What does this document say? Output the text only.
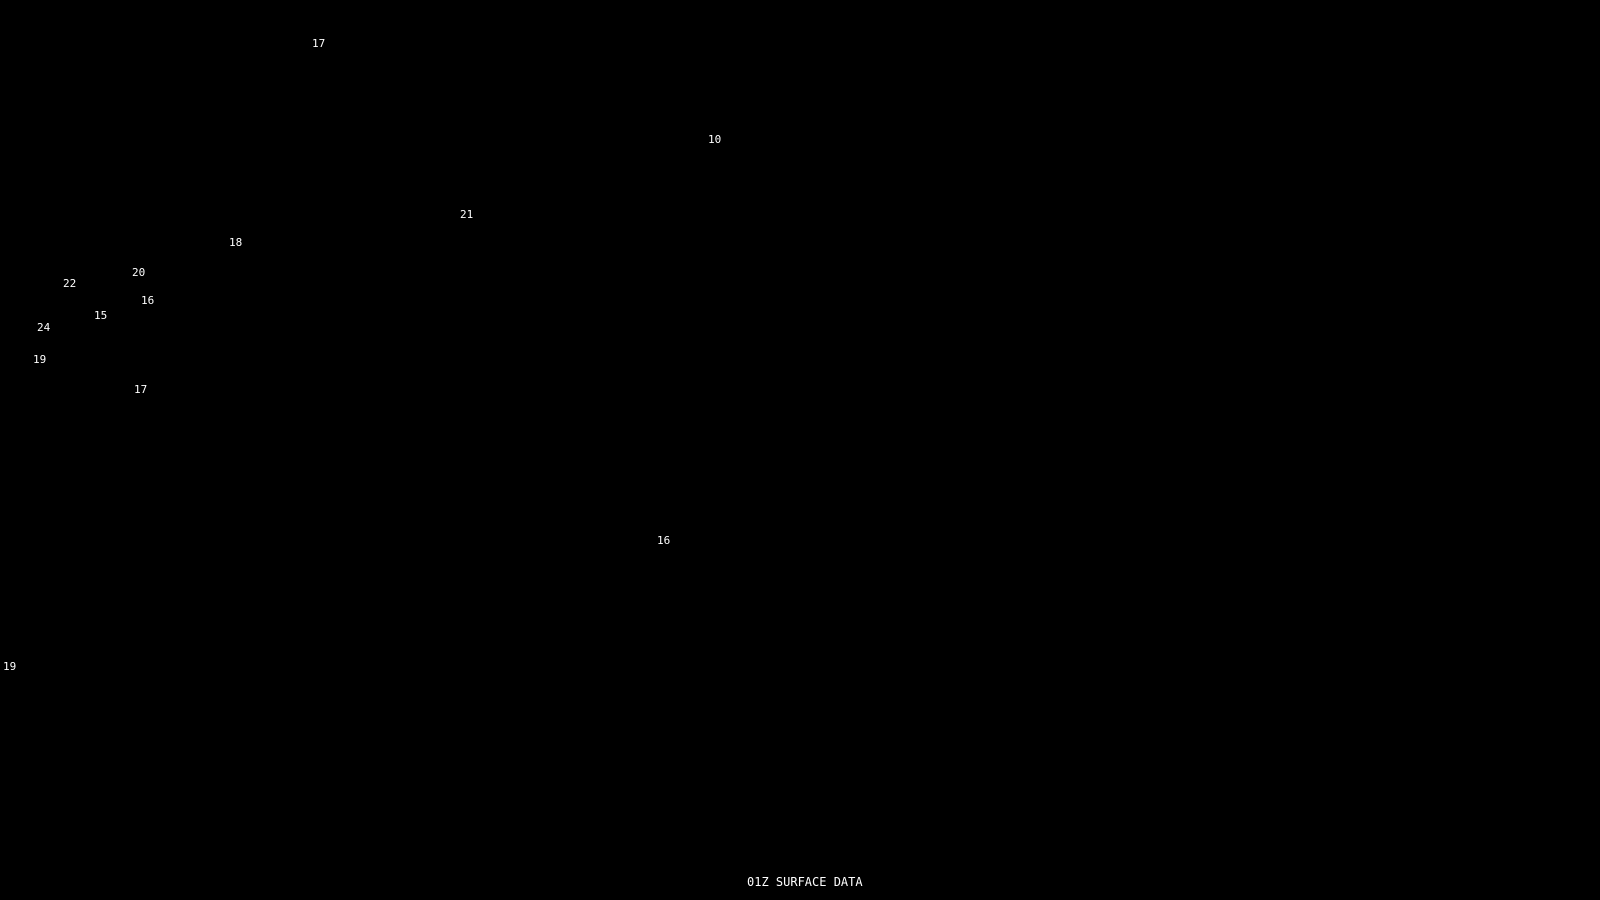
17
10
21
18
20
22
16
15
24
19
17
16
19
01Z SURFACE DATA
